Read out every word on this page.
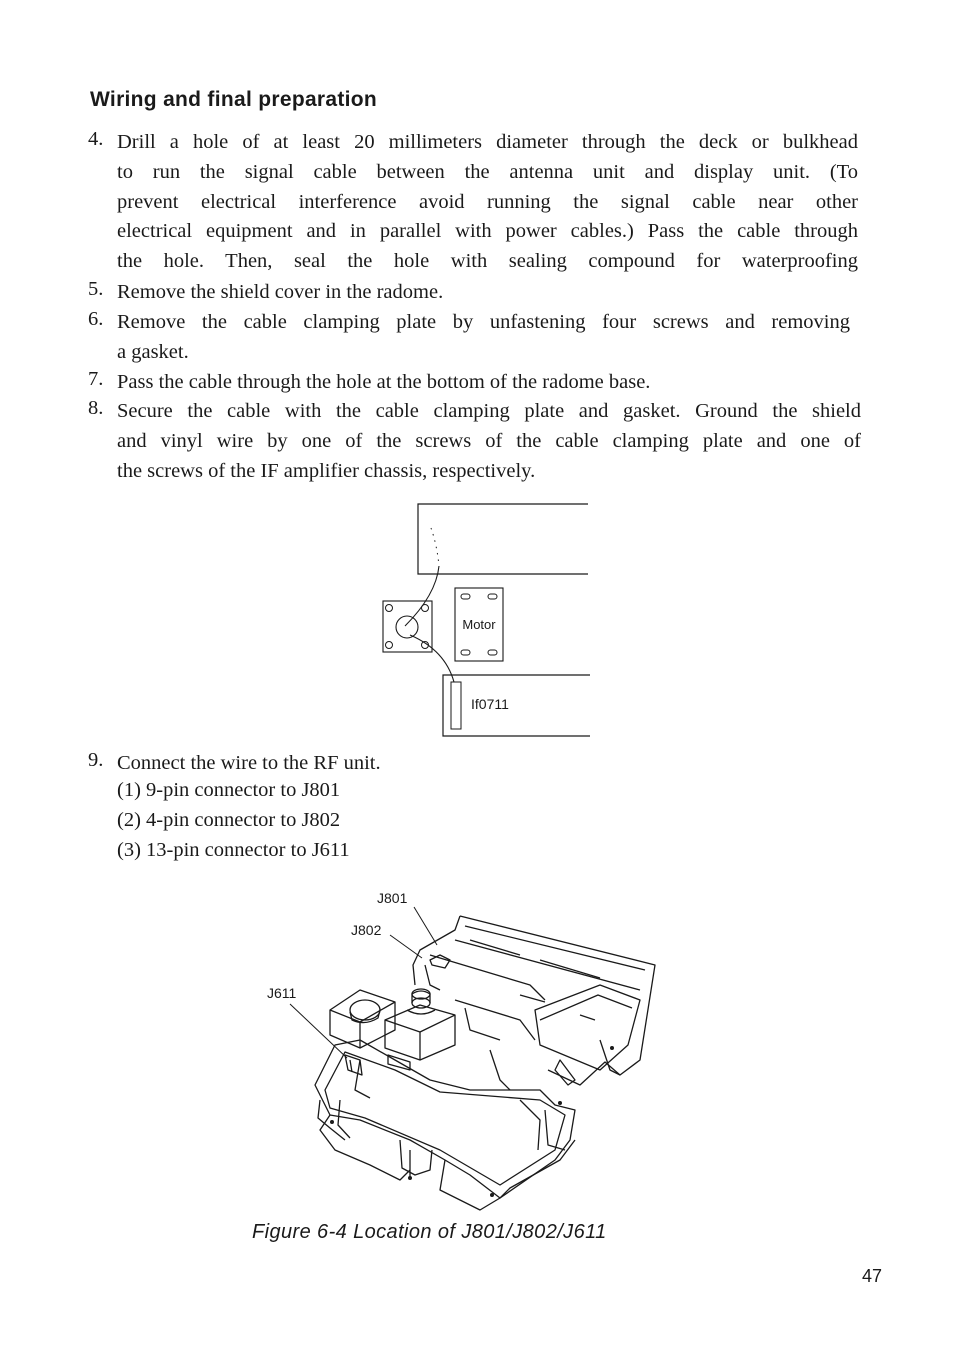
Wiring and final preparation
4. Drill a hole of at least 20 millimeters diameter through the deck or bulkhead
to run the signal cable between the antenna unit and display unit. (To
prevent electrical interference avoid running the signal cable near other
electrical equipment and in parallel with power cables.) Pass the cable through
the hole. Then, seal the hole with sealing compound for waterproofing
5. Remove the shield cover in the radome.
6. Remove the cable clamping plate by unfastening four screws and removing
a gasket.
7. Pass the cable through the hole at the bottom of the radome base.
8. Secure the cable with the cable clamping plate and gasket. Ground the shield
and vinyl wire by one of the screws of the cable clamping plate and one of
the screws of the IF amplifier chassis, respectively.
Motor
If0711
9. Connect the wire to the RF unit.
(1) 9-pin connector to J801
(2) 4-pin connector to J802
(3) 13-pin connector to J611
J801
J802
J611
Figure 6-4 Location of J801/J802/J611
47
